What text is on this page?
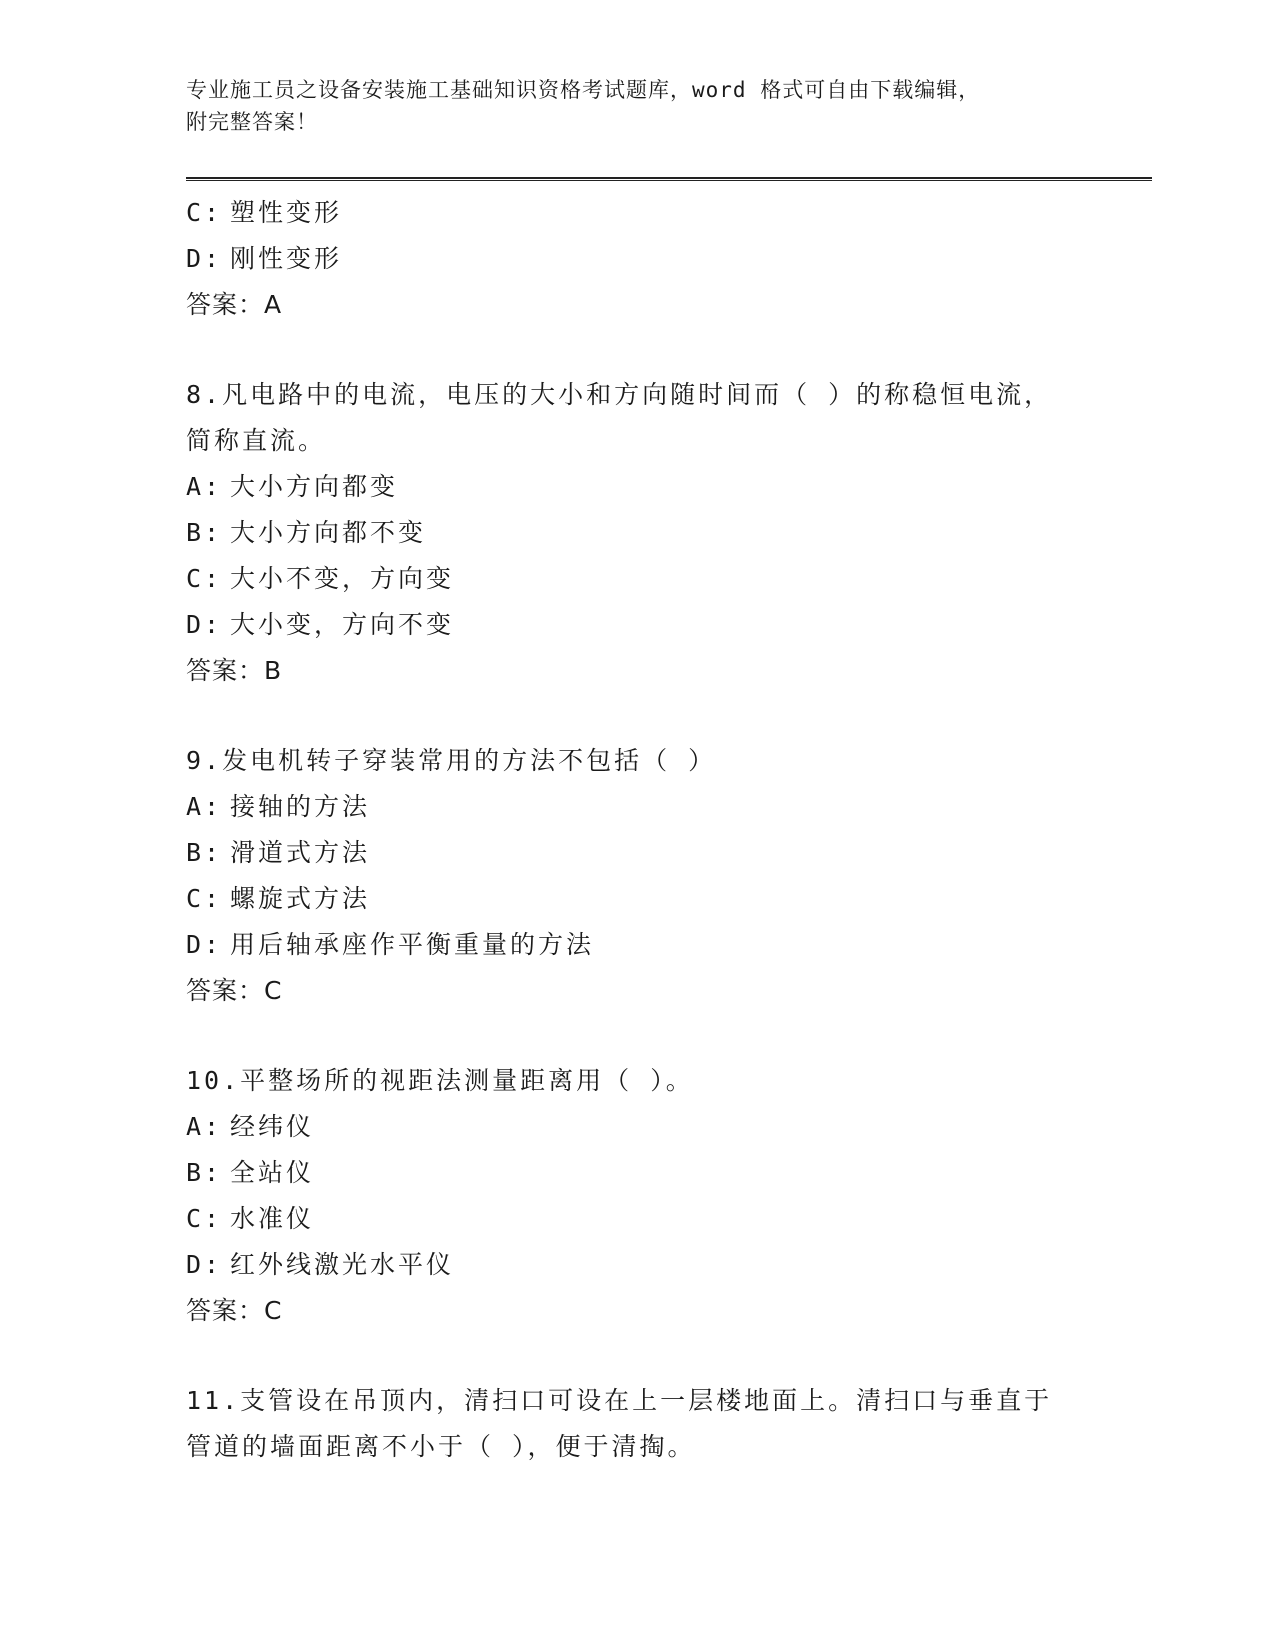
专业施工员之设备安装施工基础知识资格考试题库，word 格式可自由下载编辑，
附完整答案！
C: 塑性变形
D: 刚性变形
答案：A
8.凡电路中的电流，电压的大小和方向随时间而（ ）的称稳恒电流，
简称直流。
A: 大小方向都变
B: 大小方向都不变
C: 大小不变，方向变
D: 大小变，方向不变
答案：B
9.发电机转子穿装常用的方法不包括（ ）
A: 接轴的方法
B: 滑道式方法
C: 螺旋式方法
D: 用后轴承座作平衡重量的方法
答案：C
10.平整场所的视距法测量距离用（ ）。
A: 经纬仪
B: 全站仪
C: 水准仪
D: 红外线激光水平仪
答案：C
11.支管设在吊顶内，清扫口可设在上一层楼地面上。清扫口与垂直于
管道的墙面距离不小于（ ），便于清掏。
